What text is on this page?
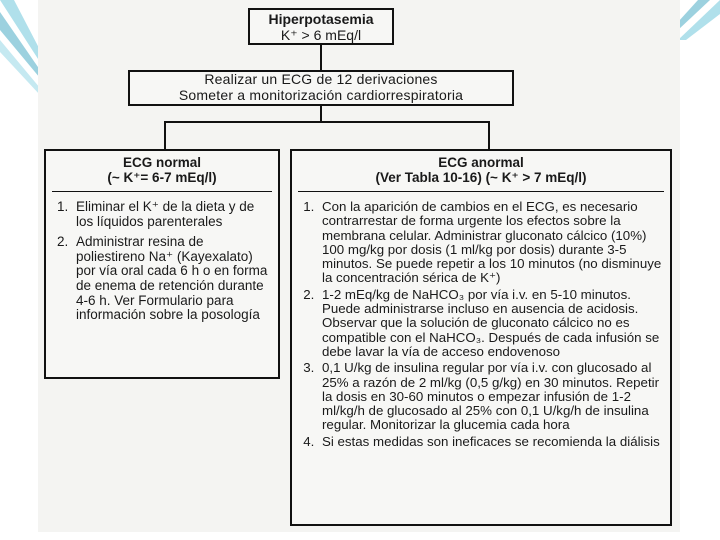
Hiperpotasemia
K⁺ > 6 mEq/l
Realizar un ECG de 12 derivaciones
Someter a monitorización cardiorrespiratoria
ECG normal
(~ K⁺= 6-7 mEq/l)
1. Eliminar el K⁺ de la dieta y de los líquidos parenterales
2. Administrar resina de poliestireno Na⁺ (Kayexalato) por vía oral cada 6 h o en forma de enema de retención durante 4-6 h. Ver Formulario para información sobre la posología
ECG anormal
(Ver Tabla 10-16) (~ K⁺ > 7 mEq/l)
1. Con la aparición de cambios en el ECG, es necesario contrarrestar de forma urgente los efectos sobre la membrana celular. Administrar gluconato cálcico (10%) 100 mg/kg por dosis (1 ml/kg por dosis) durante 3-5 minutos. Se puede repetir a los 10 minutos (no disminuye la concentración sérica de K⁺)
2. 1-2 mEq/kg de NaHCO₃ por vía i.v. en 5-10 minutos. Puede administrarse incluso en ausencia de acidosis. Observar que la solución de gluconato cálcico no es compatible con el NaHCO₃. Después de cada infusión se debe lavar la vía de acceso endovenoso
3. 0,1 U/kg de insulina regular por vía i.v. con glucosado al 25% a razón de 2 ml/kg (0,5 g/kg) en 30 minutos. Repetir la dosis en 30-60 minutos o empezar infusión de 1-2 ml/kg/h de glucosado al 25% con 0,1 U/kg/h de insulina regular. Monitorizar la glucemia cada hora
4. Si estas medidas son ineficaces se recomienda la diálisis
